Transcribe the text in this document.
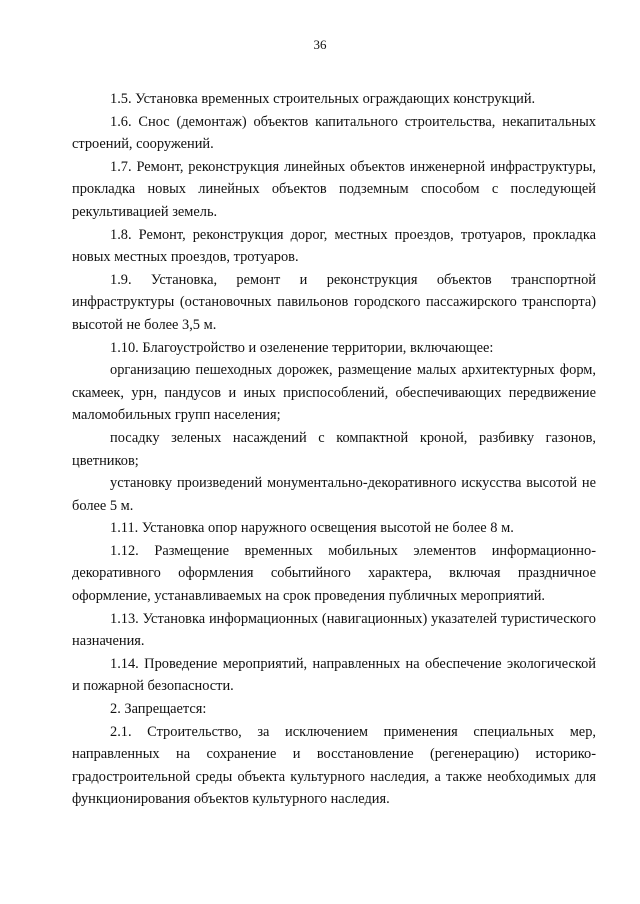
36

1.5. Установка временных строительных ограждающих конструкций.

1.6. Снос (демонтаж) объектов капитального строительства, некапитальных строений, сооружений.

1.7. Ремонт, реконструкция линейных объектов инженерной инфраструктуры, прокладка новых линейных объектов подземным способом с последующей рекультивацией земель.

1.8. Ремонт, реконструкция дорог, местных проездов, тротуаров, прокладка новых местных проездов, тротуаров.

1.9. Установка, ремонт и реконструкция объектов транспортной инфраструктуры (остановочных павильонов городского пассажирского транспорта) высотой не более 3,5 м.

1.10. Благоустройство и озеленение территории, включающее:

организацию пешеходных дорожек, размещение малых архитектурных форм, скамеек, урн, пандусов и иных приспособлений, обеспечивающих передвижение маломобильных групп населения;

посадку зеленых насаждений с компактной кроной, разбивку газонов, цветников;

установку произведений монументально-декоративного искусства высотой не более 5 м.

1.11. Установка опор наружного освещения высотой не более 8 м.

1.12. Размещение временных мобильных элементов информационно-декоративного оформления событийного характера, включая праздничное оформление, устанавливаемых на срок проведения публичных мероприятий.

1.13. Установка информационных (навигационных) указателей туристического назначения.

1.14. Проведение мероприятий, направленных на обеспечение экологической и пожарной безопасности.

2. Запрещается:

2.1. Строительство, за исключением применения специальных мер, направленных на сохранение и восстановление (регенерацию) историко-градостроительной среды объекта культурного наследия, а также необходимых для функционирования объектов культурного наследия.
